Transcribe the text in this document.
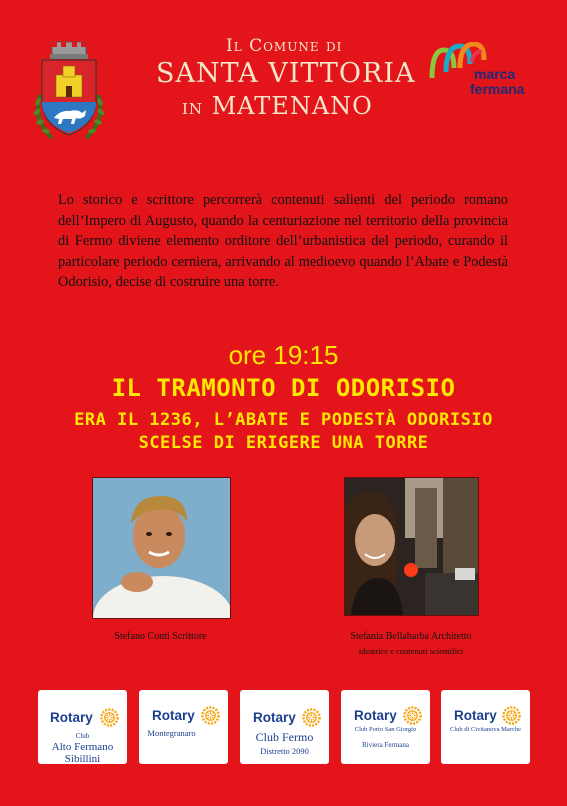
Il Comune di
SANTA VITTORIA
IN MATENANO
marca
fermana
Lo storico e scrittore percorrerà contenuti salienti del periodo romano dell’Impero di Augusto, quando la centuriazione nel territorio della provincia di Fermo diviene elemento orditore dell’urbanistica del periodo, curando il particolare periodo cerniera, arrivando al medioevo quando l’Abate e Podestà Odorisio, decise di costruire una torre.
ore 19:15
IL TRAMONTO DI ODORISIO
ERA IL 1236, L’ABATE E PODESTÀ ODORISIO
SCELSE DI ERIGERE UNA TORRE
Stefano Conti Scrittore	Stefania Bellabarba Architetto
ideatrice e contenuti scientifici
Rotary
Club
Alto Fermano
Sibillini
Rotary
Montegranaro
Rotary
Club Fermo
Distretto 2090
Rotary
Club Porto San Giorgio
Riviera Fermana
Rotary
Club di Civitanova Marche
